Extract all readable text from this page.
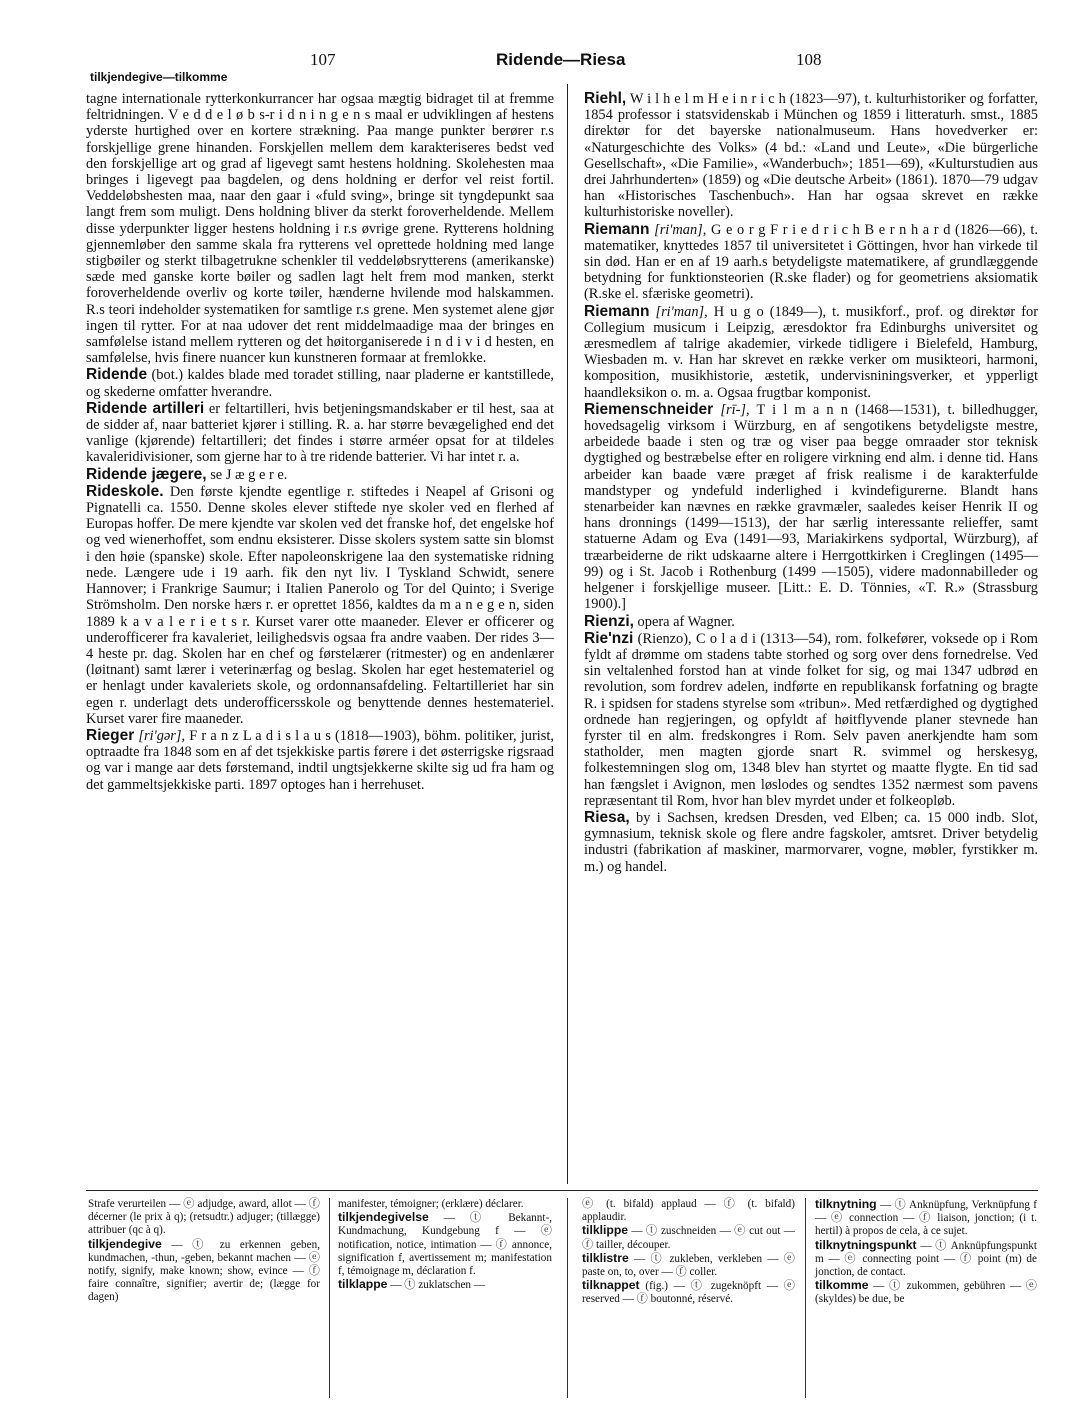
107	Ridende—Riesa	108
tilkjendegive—tilkomme

tagne internationale rytterkonkurrancer har ogsaa mægtig bidraget til at fremme feltridningen. V e d d e l ø b s-r i d n i n g e n s maal er udviklingen af hestens yderste hurtighed over en kortere strækning. Paa mange punkter berører r.s forskjellige grene hinanden. Forskjellen mellem dem karakteriseres bedst ved den forskjellige art og grad af ligevegt samt hestens holdning. Skolehesten maa bringes i ligevegt paa bagdelen, og dens holdning er derfor vel reist fortil. Veddeløbshesten maa, naar den gaar i «fuld sving», bringe sit tyngdepunkt saa langt frem som muligt. Dens holdning bliver da sterkt foroverheldende. Mellem disse yderpunkter ligger hestens holdning i r.s øvrige grene. Rytterens holdning gjennemløber den samme skala fra rytterens vel oprettede holdning med lange stigbøiler og sterkt tilbagetrukne schenkler til veddeløbsrytterens (amerikanske) sæde med ganske korte bøiler og sadlen lagt helt frem mod manken, sterkt foroverheldende overliv og korte tøiler, hænderne hvilende mod halskammen. R.s teori indeholder systematiken for samtlige r.s grene. Men systemet alene gjør ingen til rytter. For at naa udover det rent middelmaadige maa der bringes en samfølelse istand mellem rytteren og det høitorganiserede i n d i v i d hesten, en samfølelse, hvis finere nuancer kun kunstneren formaar at fremlokke.

Ridende (bot.) kaldes blade med toradet stilling, naar pladerne er kantstillede, og skederne omfatter hverandre.

Ridende artilleri er feltartilleri, hvis betjeningsmandskaber er til hest, saa at de sidder af, naar batteriet kjører i stilling. R. a. har større bevægelighed end det vanlige (kjørende) feltartilleri; det findes i større arméer opsat for at tildeles kavaleridivisioner, som gjerne har to à tre ridende batterier. Vi har intet r. a.

Ridende jægere, se J æ g e r e.

Rideskole. Den første kjendte egentlige r. stiftedes i Neapel af Grisoni og Pignatelli ca. 1550. Denne skoles elever stiftede nye skoler ved en flerhed af Europas hoffer. De mere kjendte var skolen ved det franske hof, det engelske hof og ved wienerhoffet, som endnu eksisterer. Disse skolers system satte sin blomst i den høie (spanske) skole. Efter napoleonskrigene laa den systematiske ridning nede. Længere ude i 19 aarh. fik den nyt liv. I Tyskland Schwidt, senere Hannover; i Frankrige Saumur; i Italien Panerolo og Tor del Quinto; i Sverige Strömsholm. Den norske hærs r. er oprettet 1856, kaldtes da m a n e g e n, siden 1889 k a v a l e r i e t s r. Kurset varer otte maaneder. Elever er officerer og underofficerer fra kavaleriet, leilighedsvis ogsaa fra andre vaaben. Der rides 3—4 heste pr. dag. Skolen har en chef og førstelærer (ritmester) og en andenlærer (løitnant) samt lærer i veterinærfag og beslag. Skolen har eget hestemateriel og er henlagt under kavaleriets skole, og ordonnansafdeling. Feltartilleriet har sin egen r. underlagt dets underofficersskole og benyttende dennes hestemateriel. Kurset varer fire maaneder.

Rieger [ri'gər], F r a n z L a d i s l a u s (1818—1903), böhm. politiker, jurist, optraadte fra 1848 som en af det tsjekkiske partis førere i det østerrigske rigsraad og var i mange aar dets førstemand, indtil ungtsjekkerne skilte sig ud fra ham og det gammeltsjekkiske parti. 1897 optoges han i herrehuset.

Riehl, W i l h e l m H e i n r i c h (1823—97), t. kulturhistoriker og forfatter, 1854 professor i statsvidenskab i München og 1859 i litteraturh. smst., 1885 direktør for det bayerske nationalmuseum. Hans hovedverker er: «Naturgeschichte des Volks» (4 bd.: «Land und Leute», «Die bürgerliche Gesellschaft», «Die Familie», «Wanderbuch»; 1851—69), «Kulturstudien aus drei Jahrhunderten» (1859) og «Die deutsche Arbeit» (1861). 1870—79 udgav han «Historisches Taschenbuch». Han har ogsaa skrevet en række kulturhistoriske noveller).

Riemann [ri'man], G e o r g F r i e d r i c h B e r n h a r d (1826—66), t. matematiker, knyttedes 1857 til universitetet i Göttingen, hvor han virkede til sin død. Han er en af 19 aarh.s betydeligste matematikere, af grundlæggende betydning for funktionsteorien (R.ske flader) og for geometriens aksiomatik (R.ske el. sfæriske geometri).

Riemann [ri'man], H u g o (1849—), t. musikforf., prof. og direktør for Collegium musicum i Leipzig, æresdoktor fra Edinburghs universitet og æresmedlem af talrige akademier, virkede tidligere i Bielefeld, Hamburg, Wiesbaden m. v. Han har skrevet en række verker om musikteori, harmoni, komposition, musikhistorie, æstetik, undervisniningsverker, et ypperligt haandleksikon o. m. a. Ogsaa frugtbar komponist.

Riemenschneider [rī-], T i l m a n n (1468—1531), t. billedhugger, hovedsagelig virksom i Würzburg, en af sengotikens betydeligste mestre, arbeidede baade i sten og træ og viser paa begge omraader stor teknisk dygtighed og bestræbelse efter en roligere virkning end alm. i denne tid. Hans arbeider kan baade være præget af frisk realisme i de karakterfulde mandstyper og yndefuld inderlighed i kvindefigurerne. Blandt hans stenarbeider kan nævnes en række gravmæler, saaledes keiser Henrik II og hans dronnings (1499—1513), der har særlig interessante relieffer, samt statuerne Adam og Eva (1491—93, Mariakirkens sydportal, Würzburg), af træarbeiderne de rikt udskaarne altere i Herrgottkirken i Creglingen (1495—99) og i St. Jacob i Rothenburg (1499 —1505), videre madonnabilleder og helgener i forskjellige museer. [Litt.: E. D. Tönnies, «T. R.» (Strassburg 1900).]

Rienzi, opera af Wagner.

Rie'nzi (Rienzo), C o l a d i (1313—54), rom. folkefører, voksede op i Rom fyldt af drømme om stadens tabte storhed og sorg over dens fornedrelse. Ved sin veltalenhed forstod han at vinde folket for sig, og mai 1347 udbrød en revolution, som fordrev adelen, indførte en republikansk forfatning og bragte R. i spidsen for stadens styrelse som «tribun». Med retfærdighed og dygtighed ordnede han regjeringen, og opfyldt af høitflyvende planer stevnede han fyrster til en alm. fredskongres i Rom. Selv paven anerkjendte ham som statholder, men magten gjorde snart R. svimmel og herskesyg, folkestemningen slog om, 1348 blev han styrtet og maatte flygte. En tid sad han fængslet i Avignon, men løslodes og sendtes 1352 nærmest som pavens repræsentant til Rom, hvor han blev myrdet under et folkeopløb.

Riesa, by i Sachsen, kredsen Dresden, ved Elben; ca. 15 000 indb. Slot, gymnasium, teknisk skole og flere andre fagskoler, amtsret. Driver betydelig industri (fabrikation af maskiner, marmorvarer, vogne, møbler, fyrstikker m. m.) og handel.

Strafe verurteilen — ⓔ adjudge, award, allot — ⓕ décerner (le prix à q); (retsudtr.) adjuger; (tillægge) attribuer (qc à q).

tilkjendegive — ⓣ zu erkennen geben, kundmachen, -thun, -geben, bekannt machen — ⓔ notify, signify, make known; show, evince — ⓕ faire connaître, signifier; avertir de; (lægge for dagen)

manifester, témoigner; (erklære) déclarer.

tilkjendegivelse — ⓣ Bekannt-, Kundmachung, Kundgebung f — ⓔ notification, notice, intimation — ⓕ annonce, signification f, avertissement m; manifestation f, témoignage m, déclaration f.

tilklappe — ⓣ zuklatschen —

ⓔ (t. bifald) applaud — ⓕ (t. bifald) applaudir.

tilklippe — ⓣ zuschneiden — ⓔ cut out — ⓕ tailler, découper.

tilklistre — ⓣ zukleben, verkleben — ⓔ paste on, to, over — ⓕ coller.

tilknappet (fig.) — ⓣ zugeknöpft — ⓔ reserved — ⓕ boutonné, réservé.

tilknytning — ⓣ Anknüpfung, Verknüpfung f — ⓔ connection — ⓕ liaison, jonction; (i t. hertil) à propos de cela, à ce sujet.

tilknytningspunkt — ⓣ Anknüpfungspunkt m — ⓔ connecting point — ⓕ point (m) de jonction, de contact.

tilkomme — ⓣ zukommen, gebühren — ⓔ (skyldes) be due, be
